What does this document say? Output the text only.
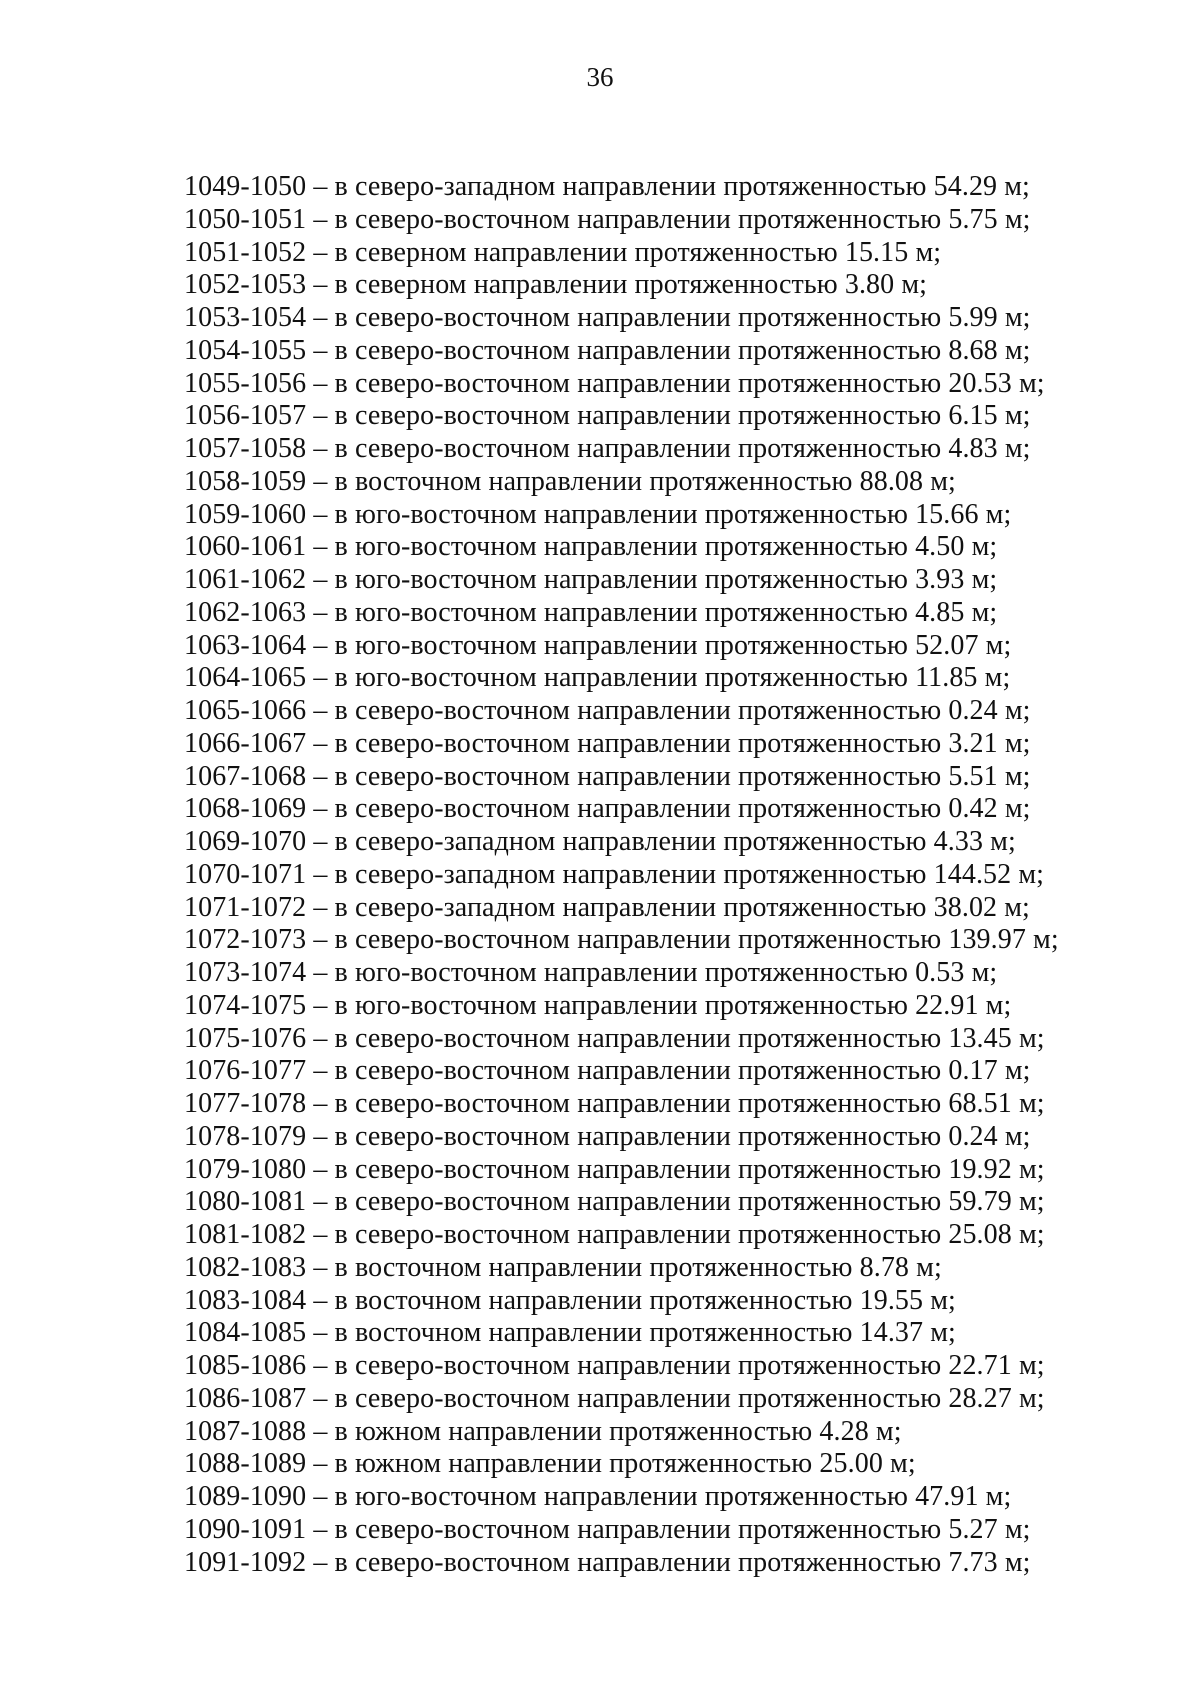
36
1049-1050 – в северо-западном направлении протяженностью 54.29 м;
1050-1051 – в северо-восточном направлении протяженностью 5.75 м;
1051-1052 – в северном направлении протяженностью 15.15 м;
1052-1053 – в северном направлении протяженностью 3.80 м;
1053-1054 – в северо-восточном направлении протяженностью 5.99 м;
1054-1055 – в северо-восточном направлении протяженностью 8.68 м;
1055-1056 – в северо-восточном направлении протяженностью 20.53 м;
1056-1057 – в северо-восточном направлении протяженностью 6.15 м;
1057-1058 – в северо-восточном направлении протяженностью 4.83 м;
1058-1059 – в восточном направлении протяженностью 88.08 м;
1059-1060 – в юго-восточном направлении протяженностью 15.66 м;
1060-1061 – в юго-восточном направлении протяженностью 4.50 м;
1061-1062 – в юго-восточном направлении протяженностью 3.93 м;
1062-1063 – в юго-восточном направлении протяженностью 4.85 м;
1063-1064 – в юго-восточном направлении протяженностью 52.07 м;
1064-1065 – в юго-восточном направлении протяженностью 11.85 м;
1065-1066 – в северо-восточном направлении протяженностью 0.24 м;
1066-1067 – в северо-восточном направлении протяженностью 3.21 м;
1067-1068 – в северо-восточном направлении протяженностью 5.51 м;
1068-1069 – в северо-восточном направлении протяженностью 0.42 м;
1069-1070 – в северо-западном направлении протяженностью 4.33 м;
1070-1071 – в северо-западном направлении протяженностью 144.52 м;
1071-1072 – в северо-западном направлении протяженностью 38.02 м;
1072-1073 – в северо-восточном направлении протяженностью 139.97 м;
1073-1074 – в юго-восточном направлении протяженностью 0.53 м;
1074-1075 – в юго-восточном направлении протяженностью 22.91 м;
1075-1076 – в северо-восточном направлении протяженностью 13.45 м;
1076-1077 – в северо-восточном направлении протяженностью 0.17 м;
1077-1078 – в северо-восточном направлении протяженностью 68.51 м;
1078-1079 – в северо-восточном направлении протяженностью 0.24 м;
1079-1080 – в северо-восточном направлении протяженностью 19.92 м;
1080-1081 – в северо-восточном направлении протяженностью 59.79 м;
1081-1082 – в северо-восточном направлении протяженностью 25.08 м;
1082-1083 – в восточном направлении протяженностью 8.78 м;
1083-1084 – в восточном направлении протяженностью 19.55 м;
1084-1085 – в восточном направлении протяженностью 14.37 м;
1085-1086 – в северо-восточном направлении протяженностью 22.71 м;
1086-1087 – в северо-восточном направлении протяженностью 28.27 м;
1087-1088 – в южном направлении протяженностью 4.28 м;
1088-1089 – в южном направлении протяженностью 25.00 м;
1089-1090 – в юго-восточном направлении протяженностью 47.91 м;
1090-1091 – в северо-восточном направлении протяженностью 5.27 м;
1091-1092 – в северо-восточном направлении протяженностью 7.73 м;
